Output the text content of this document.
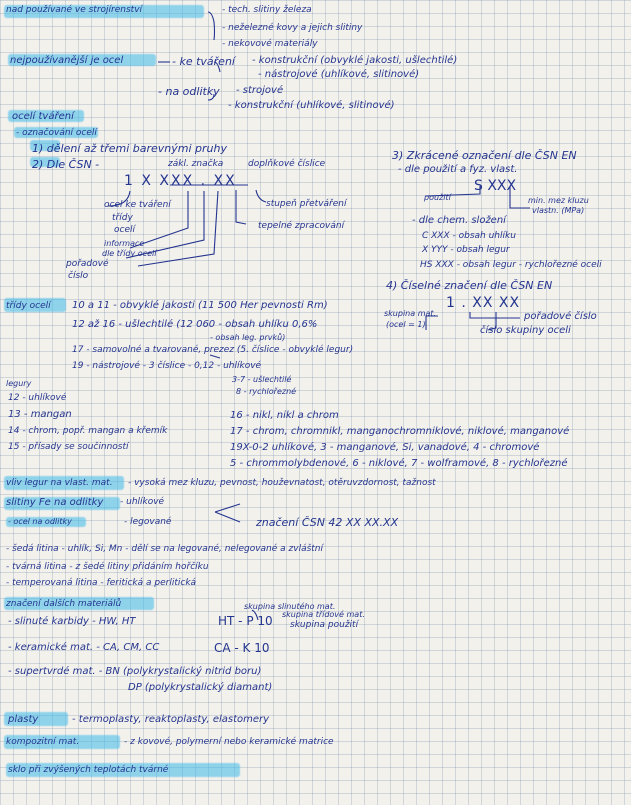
nad používané ve strojírenství	- tech. slitiny železa
- neželezné kovy a jejich slitiny
- nekovové materiály
nejpoužívanější je ocel	- ke tváření - konstrukční (obvyklé jakosti, ušlechtilé)
- nástrojové (uhlíkové, slitinové)
- na odlitky - strojové
- konstrukční (uhlíkové, slitinové)
ocelí tváření
- označování ocelí
1) dělení až třemi barevnými pruhy
2) Dle ČSN -	zákl. značka	doplňkové číslice
1 X XXX . XX
ocel ke tváření
třídy
ocelí
informace
dle třídy ocelí
pořadové
číslo
stupeň přetváření
tepelné zpracování
3) Zkrácené označení dle ČSN EN
- dle použití a fyz. vlast.
S XXX
použití	min. mez kluzu
vlastn. (MPa)
- dle chem. složení
C XXX - obsah uhlíku
X YYY - obsah legur
HS XXX - obsah legur - rychlořezné oceli
4) Číselné značení dle ČSN EN
1 . XX XX
skupina mat.
(ocel = 1)
pořadové číslo
číslo skupiny oceli
třídy ocelí 10 a 11 - obvyklé jakosti (11 500 Her pevnosti Rm)
12 až 16 - ušlechtilé (12 060 - obsah uhlíku 0,6%
- obsah leg. prvků)
17 - samovolné a tvarované, prezez (5. číslice - obvyklé legur)
19 - nástrojové - 3 číslice - 0,12 - uhlíkové
3-7 - ušlechtilé
8 - rychlořezné
legury
12 - uhlíkové
13 - mangan
14 - chrom, popř. mangan a křemík
15 - přísady se součinností
16 - nikl, nikl a chrom
17 - chrom, chromnikl, manganochromniklové, niklové, manganové
19X-0-2 uhlíkové, 3 - manganové, Si, vanadové, 4 - chromové
5 - chrommolybdenové, 6 - niklové, 7 - wolframové, 8 - rychlořezné
vliv legur na vlast. mat. - vysoká mez kluzu, pevnost, houževnatost, otěruvzdornost, tažnost
slitiny Fe na odlitky - uhlíkové
- ocel na odlitky	- legované	značení ČSN 42 XX XX.XX
- šedá litina - uhlík, Si, Mn - dělí se na legované, nelegované a zvláštní
- tvárná litina - z šedé litiny přidáním hořčíku
- temperovaná litina - feritická a perlitická
značení dalších materiálů
- slinuté karbidy - HW, HT	HT - P 10
skupina slinutého mat.
skupina třídové mat.
skupina použití
- keramické mat. - CA, CM, CC	CA - K 10
- supertvrdé mat. - BN (polykrystalický nitrid boru)
DP (polykrystalický diamant)
plasty	- termoplasty, reaktoplasty, elastomery
kompozitní mat.	- z kovové, polymerní nebo keramické matrice
sklo při zvýšených teplotách tvárné
